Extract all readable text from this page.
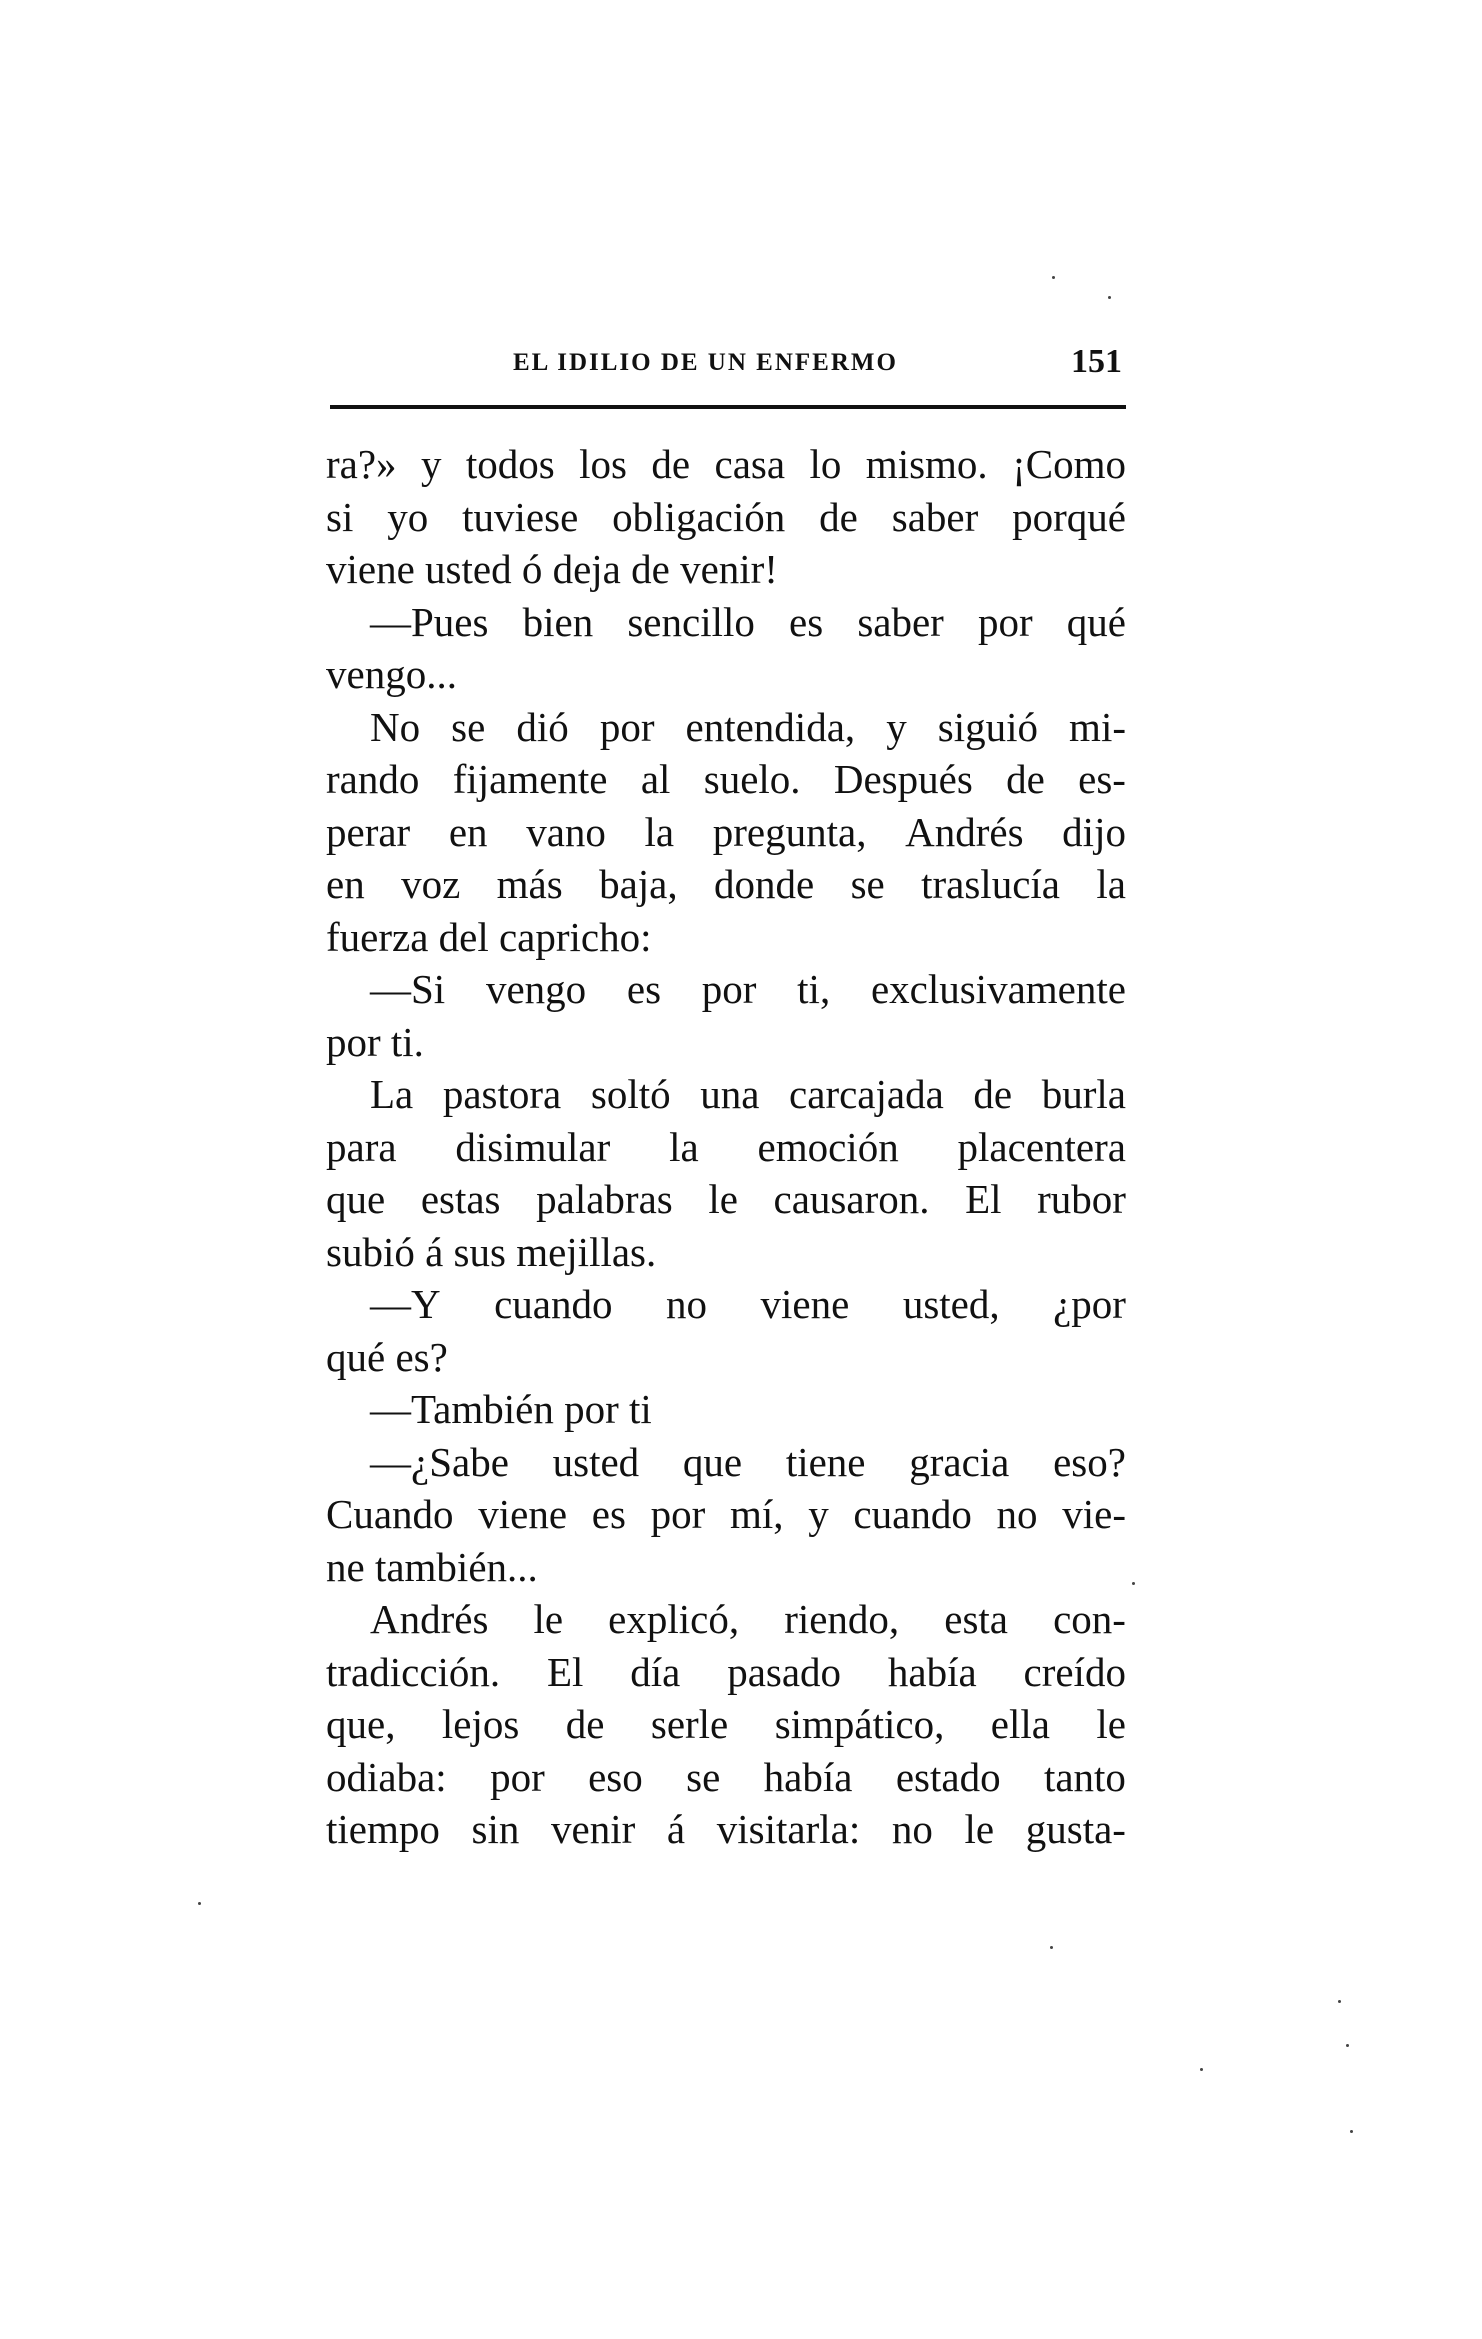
EL IDILIO DE UN ENFERMO	151
ra?» y todos los de casa lo mismo. ¡Como
si yo tuviese obligación de saber porqué
viene usted ó deja de venir!
—Pues bien sencillo es saber por qué
vengo...
No se dió por entendida, y siguió mi-
rando fijamente al suelo. Después de es-
perar en vano la pregunta, Andrés dijo
en voz más baja, donde se traslucía la
fuerza del capricho:
—Si vengo es por ti, exclusivamente
por ti.
La pastora soltó una carcajada de burla
para disimular la emoción placentera
que estas palabras le causaron. El rubor
subió á sus mejillas.
—Y cuando no viene usted, ¿por
qué es?
—También por ti
—¿Sabe usted que tiene gracia eso?
Cuando viene es por mí, y cuando no vie-
ne también...
Andrés le explicó, riendo, esta con-
tradicción. El día pasado había creído
que, lejos de serle simpático, ella le
odiaba: por eso se había estado tanto
tiempo sin venir á visitarla: no le gusta-
